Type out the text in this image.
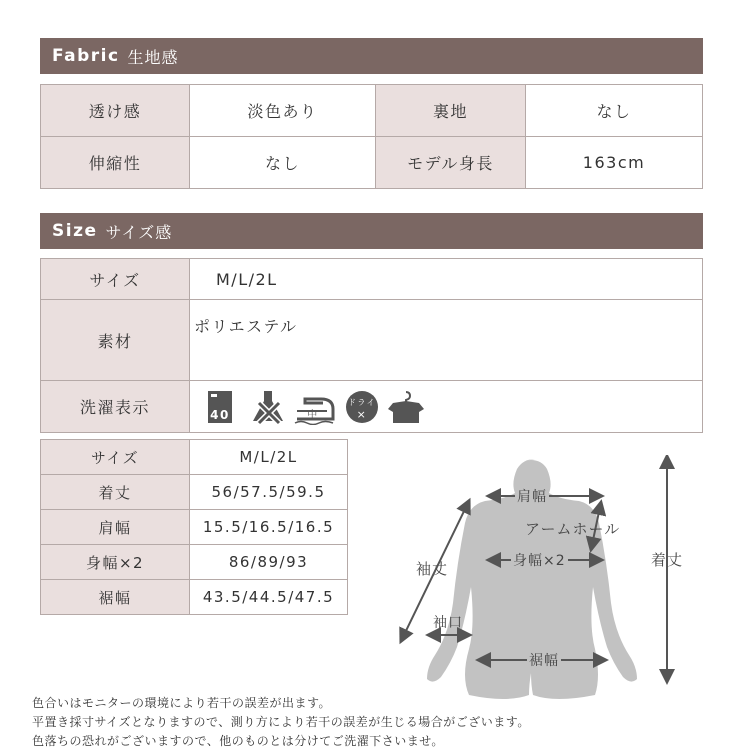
Fabric 生地感
透け感	淡色あり	裏地	なし
伸縮性	なし	モデル身長	163cm
Size サイズ感
サイズ	M/L/2L
素材	ポリエステル
洗濯表示	40 中
ドライ
×
サイズ	M/L/2L
着丈	56/57.5/59.5
肩幅	15.5/16.5/16.5
身幅×2	86/89/93
裾幅	43.5/44.5/47.5
肩幅
アームホール
身幅×2
袖丈
袖口
裾幅
着丈
色合いはモニターの環境により若干の誤差が出ます。
平置き採寸サイズとなりますので、測り方により若干の誤差が生じる場合がございます。
色落ちの恐れがございますので、他のものとは分けてご洗濯下さいませ。
